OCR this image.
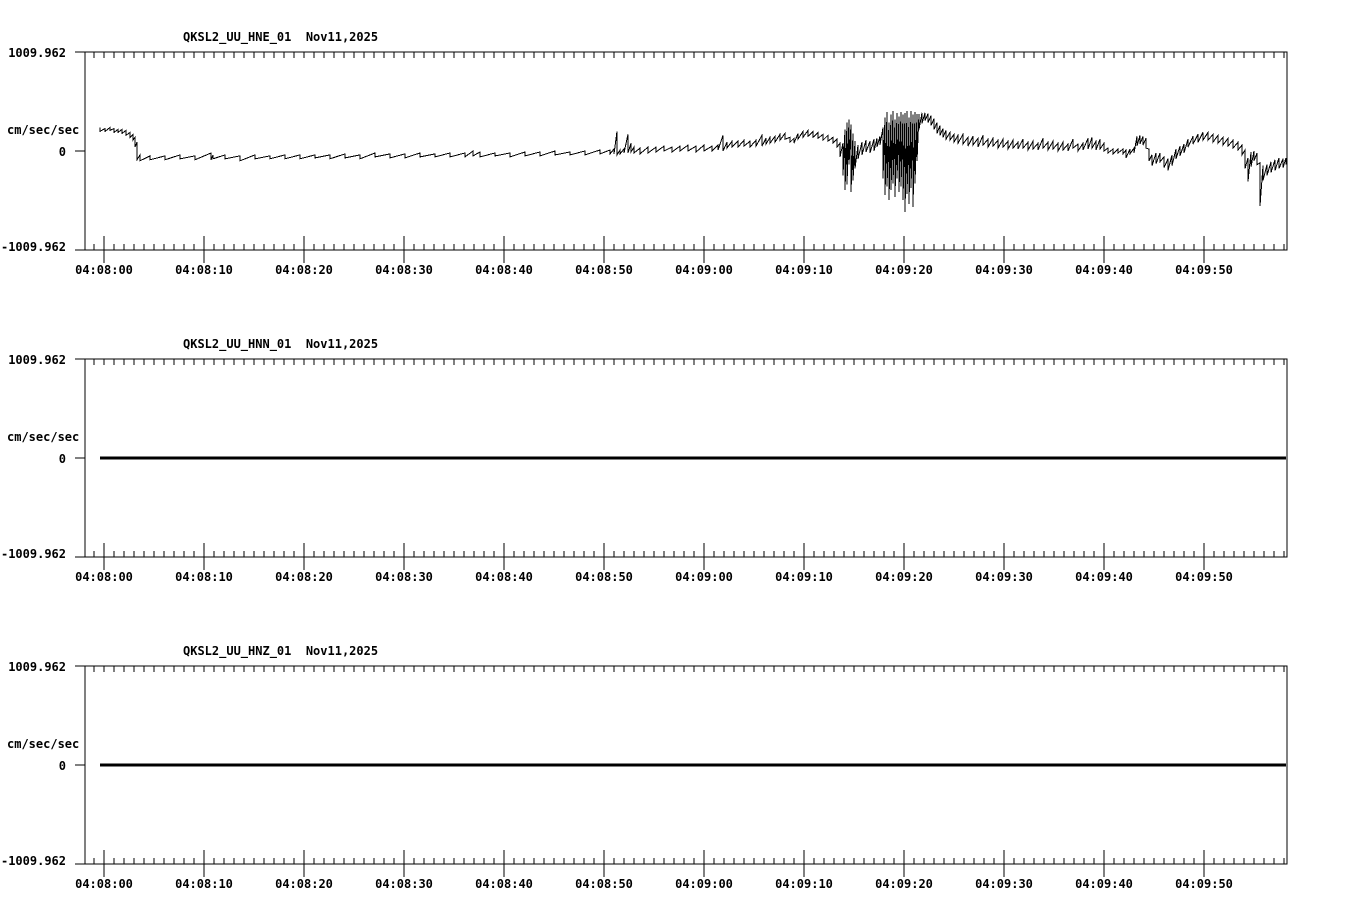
QKSL2_UU_HNE_01  Nov11,2025
1009.962
cm/sec/sec
0
-1009.962
04:08:00	04:08:10	04:08:20	04:08:30	04:08:40	04:08:50	04:09:00	04:09:10	04:09:20	04:09:30	04:09:40	04:09:50
QKSL2_UU_HNN_01  Nov11,2025
1009.962
cm/sec/sec
0
-1009.962
04:08:00	04:08:10	04:08:20	04:08:30	04:08:40	04:08:50	04:09:00	04:09:10	04:09:20	04:09:30	04:09:40	04:09:50
QKSL2_UU_HNZ_01  Nov11,2025
1009.962
cm/sec/sec
0
-1009.962
04:08:00	04:08:10	04:08:20	04:08:30	04:08:40	04:08:50	04:09:00	04:09:10	04:09:20	04:09:30	04:09:40	04:09:50
